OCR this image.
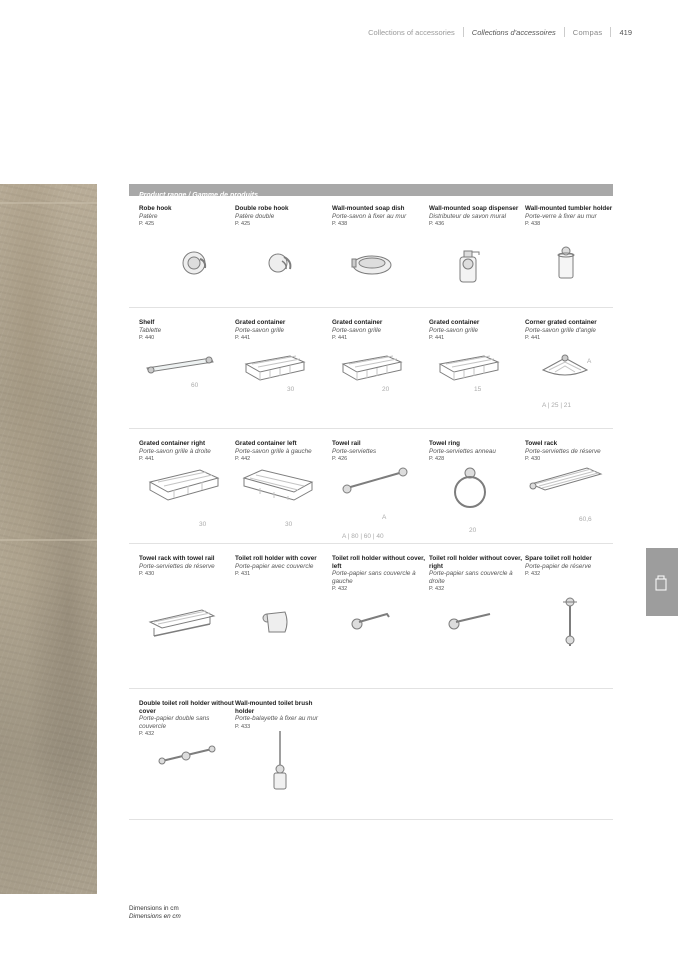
Collections of accessories	Collections d'accessoires	Compas	419
Product range / Gamme de produits
Robe hook
Patère
P. 425
Double robe hook
Patère double
P. 425
Wall-mounted soap dish
Porte-savon à fixer au mur
P. 438
Wall-mounted soap dispenser
Distributeur de savon mural
P. 436
Wall-mounted tumbler holder
Porte-verre à fixer au mur
P. 438
Shelf
Tablette
P. 440
60
Grated container
Porte-savon grille
P. 441
30
Grated container
Porte-savon grille
P. 441
20
Grated container
Porte-savon grille
P. 441
15
Corner grated container
Porte-savon grille d'angle
P. 441
A
A | 25 | 21
Grated container right
Porte-savon grille à droite
P. 441
30
Grated container left
Porte-savon grille à gauche
P. 442
30
Towel rail
Porte-serviettes
P. 426
A
A | 80 | 60 | 40
Towel ring
Porte-serviettes anneau
P. 428
20
Towel rack
Porte-serviettes de réserve
P. 430
60,6
Towel rack with towel rail
Porte-serviettes de réserve
P. 430
Toilet roll holder with cover
Porte-papier avec couvercle
P. 431
Toilet roll holder without cover, left
Porte-papier sans couvercle à gauche
P. 432
Toilet roll holder without cover, right
Porte-papier sans couvercle à droite
P. 432
Spare toilet roll holder
Porte-papier de réserve
P. 432
Double toilet roll holder without cover
Porte-papier double sans couvercle
P. 432
Wall-mounted toilet brush holder
Porte-balayette à fixer au mur
P. 433
Dimensions in cm
Dimensions en cm
